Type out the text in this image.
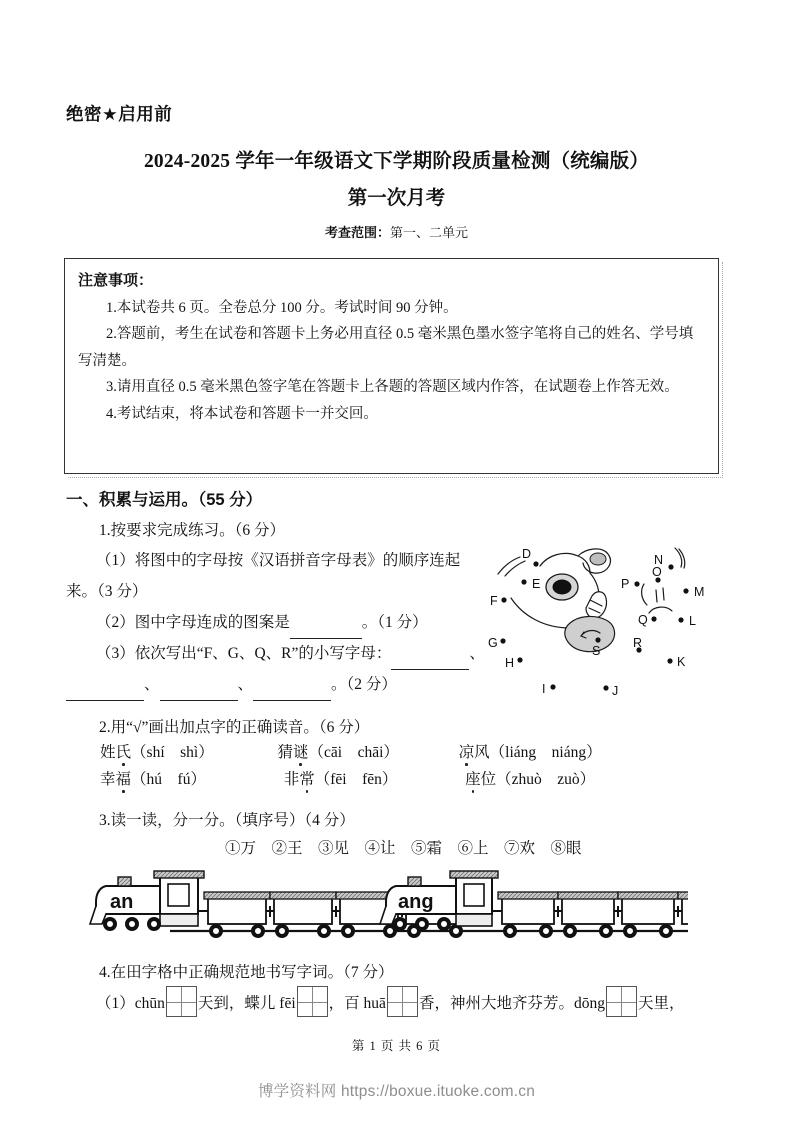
绝密★启用前
2024-2025 学年一年级语文下学期阶段质量检测（统编版）
第一次月考
考查范围：第一、二单元
注意事项：
1.本试卷共 6 页。全卷总分 100 分。考试时间 90 分钟。
2.答题前，考生在试卷和答题卡上务必用直径 0.5 毫米黑色墨水签字笔将自己的姓名、学号填写清楚。
3.请用直径 0.5 毫米黑色签字笔在答题卡上各题的答题区域内作答，在试题卷上作答无效。
4.考试结束，将本试卷和答题卡一并交回。
一、积累与运用。（55 分）
1.按要求完成练习。（6 分）
（1）将图中的字母按《汉语拼音字母表》的顺序连起
来。（3 分）
（2）图中字母连成的图案是	。（1 分）
（3）依次写出“F、G、Q、R”的小写字母：	、
、	、	。（2 分）
D
E
F
G
H
I	J
K
L
M
N
O
P
Q
R
S
2.用“√”画出加点字的正确读音。（6 分）
姓氏（shí　shì）	猜谜（cāi　chāi）	凉风（liáng　niáng）
幸福（hú　fú）	非常（fēi　fēn）	座位（zhuò　zuò）
3.读一读，分一分。（填序号）（4 分）
①万　②王　③见　④让　⑤霜　⑥上　⑦欢　⑧眼
an	ang
4.在田字格中正确规范地书写字词。（7 分）
（1）chūn 天到，蝶儿 fēi ，百 huā 香，神州大地齐芬芳。dōng 天里，
第 1 页 共 6 页
博学资料网 https://boxue.ituoke.com.cn
